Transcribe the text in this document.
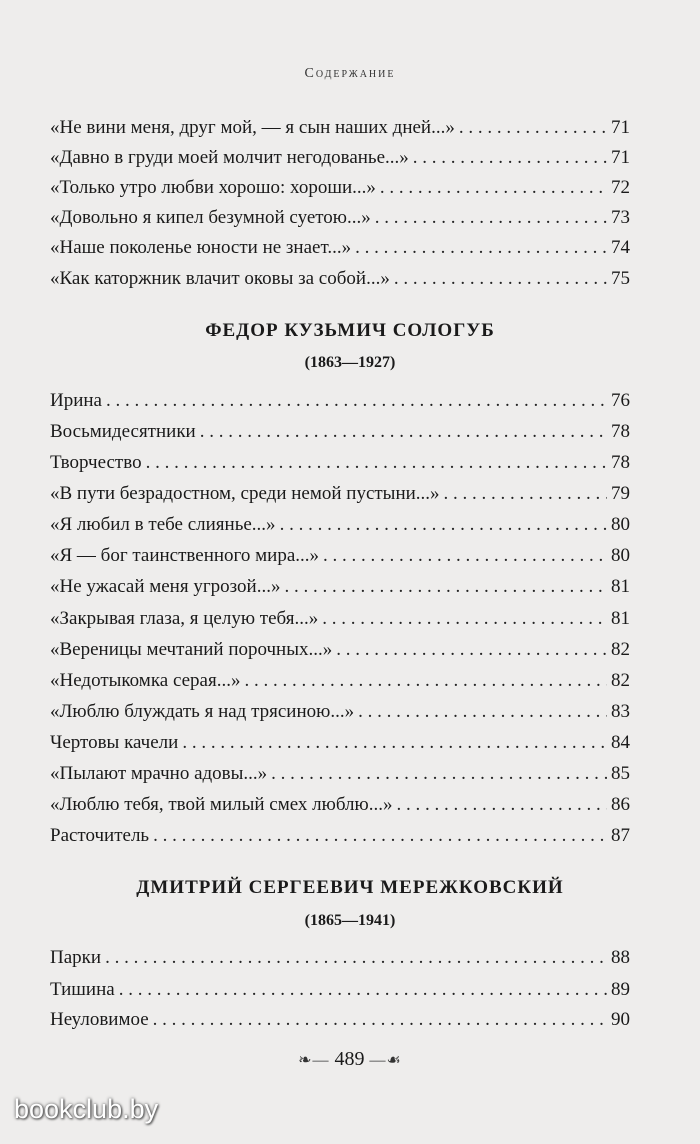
Содержание
«Не вини меня, друг мой, — я сын наших дней...» . . .	71
«Давно в груди моей молчит негодованье...» . . .	71
«Только утро любви хорошо: хороши...» . . .	72
«Довольно я кипел безумной суетою...» . . .	73
«Наше поколенье юности не знает...» . . .	74
«Как каторжник влачит оковы за собой...» . . .	75
Ирина . . .	76
Восьмидесятники . . .	78
Творчество . . .	78
«В пути безрадостном, среди немой пустыни...» . . .	79
«Я любил в тебе слиянье...» . . .	80
«Я — бог таинственного мира...» . . .	80
«Не ужасай меня угрозой...» . . .	81
«Закрывая глаза, я целую тебя...» . . .	81
«Вереницы мечтаний порочных...» . . .	82
«Недотыкомка серая...» . . .	82
«Люблю блуждать я над трясиною...» . . .	83
Чертовы качели . . .	84
«Пылают мрачно адовы...» . . .	85
«Люблю тебя, твой милый смех люблю...» . . .	86
Расточитель . . .	87
Парки . . .	88
Тишина . . .	89
Неуловимое . . .	90
❧— 489 —☙
bookclub.by
ФЕДОР КУЗЬМИЧ СОЛОГУБ
(1863—1927)
ДМИТРИЙ СЕРГЕЕВИЧ МЕРЕЖКОВСКИЙ
(1865—1941)
